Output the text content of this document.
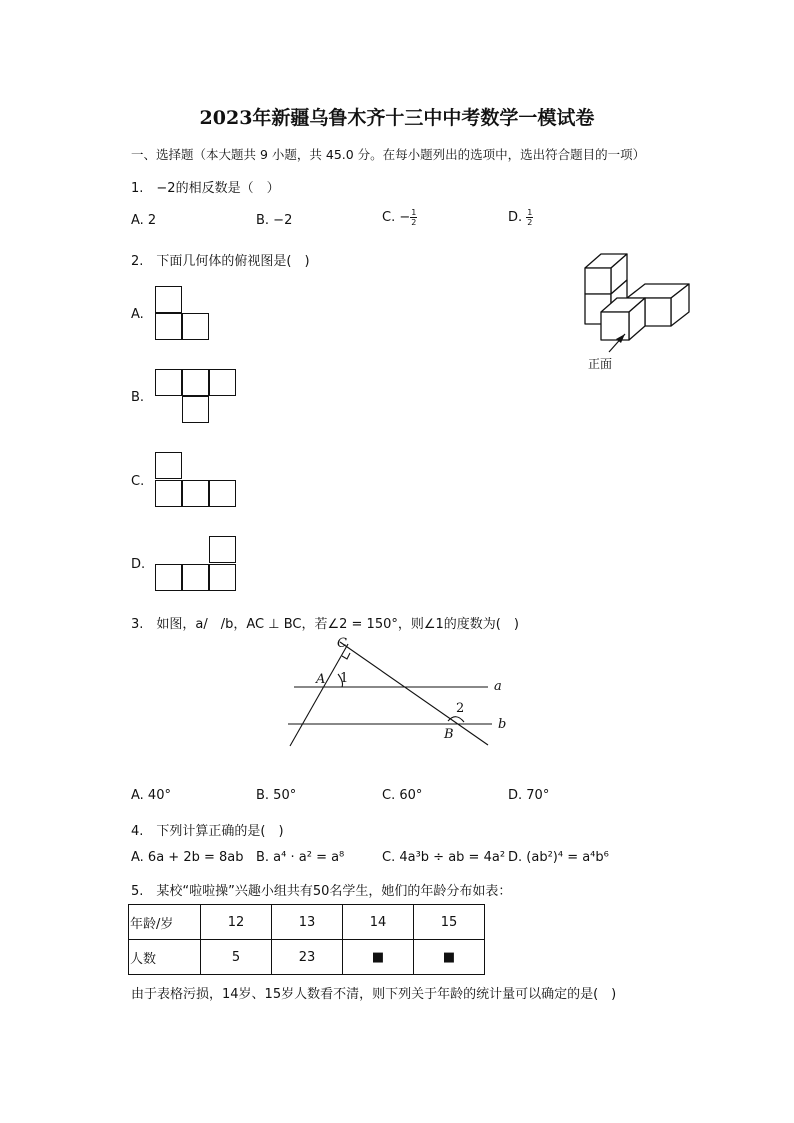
2023年新疆乌鲁木齐十三中中考数学一模试卷
一、选择题（本大题共 9 小题，共 45.0 分。在每小题列出的选项中，选出符合题目的一项）
1.　−2的相反数是（　）
A. 2	B. −2	C. − $\frac{1}{2}$	D. $\frac{1}{2}$
2.　下面几何体的俯视图是(　)
正面
A.
B.
C.
D.
3.　如图，a/　/b，AC ⊥ BC，若∠2 = 150°，则∠1的度数为(　)
C
A	a
B
b
1
2
A. 40°	B. 50°	C. 60°	D. 70°
4.　下列计算正确的是(　)
A. 6a + 2b = 8ab B. a⁴ · a² = a⁸	C. 4a³b ÷ ab = 4a² D. (ab²)⁴ = a⁴b⁶
5.　某校“啦啦操”兴趣小组共有50名学生，她们的年龄分布如表：
年龄/岁	12	13	14	15
人数	5	23	■	■
由于表格污损，14岁、15岁人数看不清，则下列关于年龄的统计量可以确定的是(　)
